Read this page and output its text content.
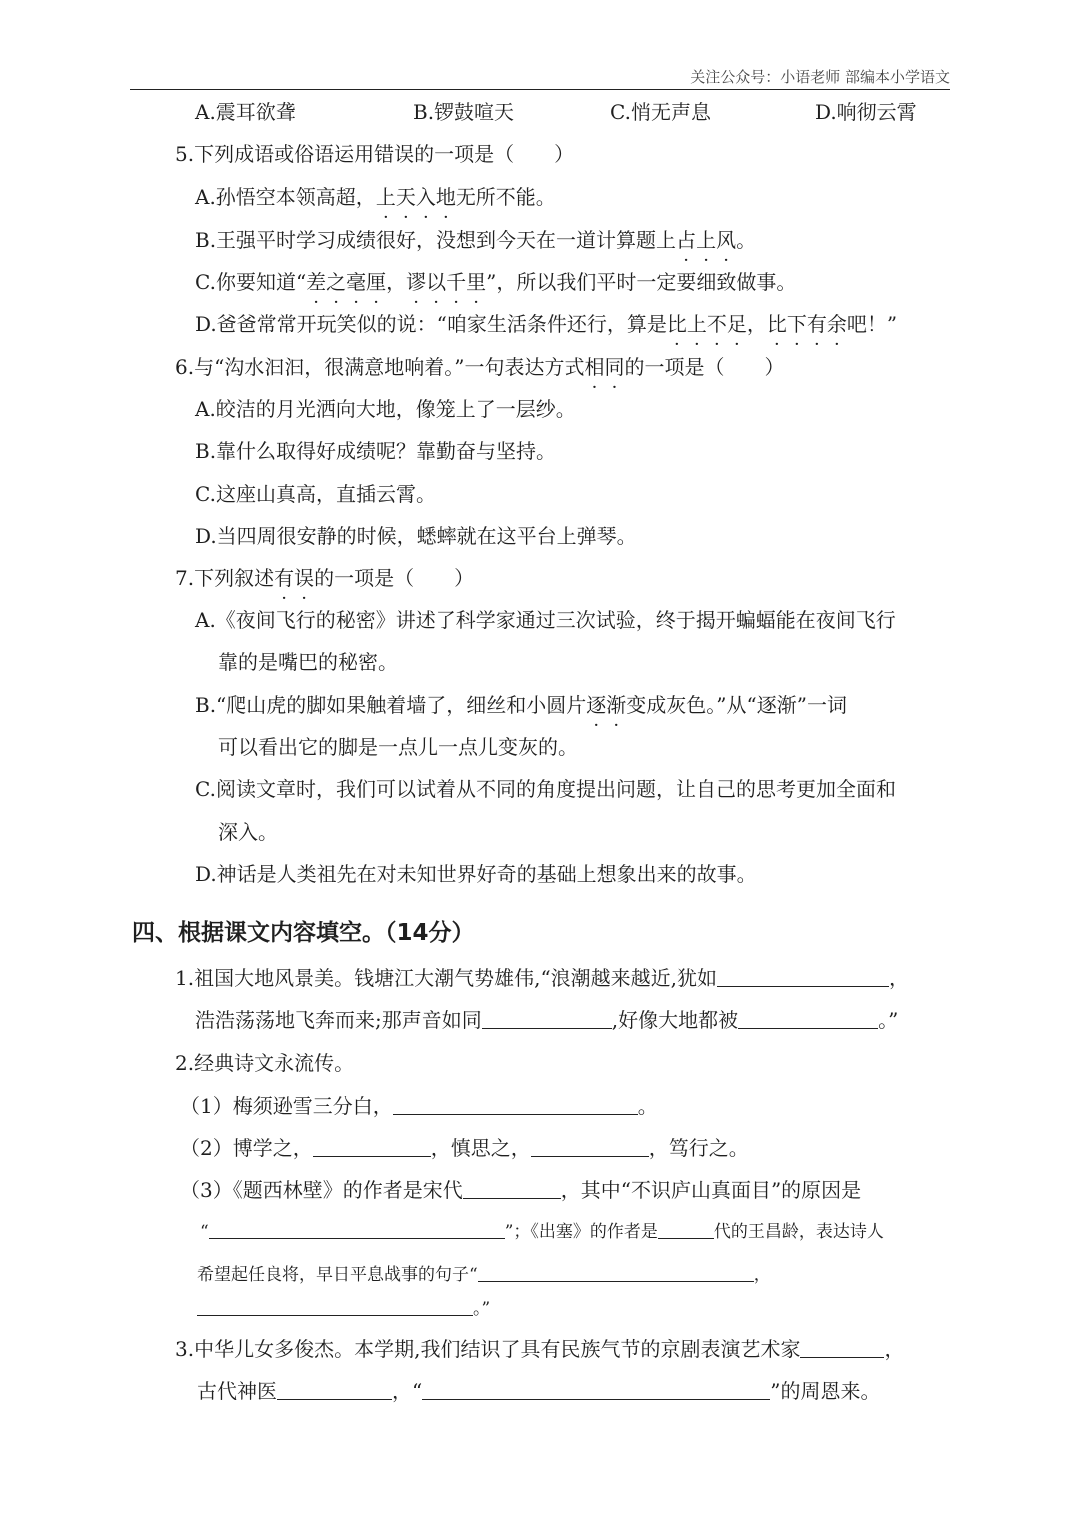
关注公众号：小语老师 部编本小学语文
A.震耳欲聋	B.锣鼓喧天	C.悄无声息	D.响彻云霄
5.下列成语或俗语运用错误的一项是（　　）
A.孙悟空本领高超，上天入地无所不能。
B.王强平时学习成绩很好，没想到今天在一道计算题上占上风。
C.你要知道“差之毫厘，谬以千里”，所以我们平时一定要细致做事。
D.爸爸常常开玩笑似的说：“咱家生活条件还行，算是比上不足，比下有余吧！”
6.与“沟水汩汩，很满意地响着。”一句表达方式相同的一项是（　　）
A.皎洁的月光洒向大地，像笼上了一层纱。
B.靠什么取得好成绩呢？靠勤奋与坚持。
C.这座山真高，直插云霄。
D.当四周很安静的时候，蟋蟀就在这平台上弹琴。
7.下列叙述有误的一项是（　　）
A.《夜间飞行的秘密》讲述了科学家通过三次试验，终于揭开蝙蝠能在夜间飞行
靠的是嘴巴的秘密。
B.“爬山虎的脚如果触着墙了，细丝和小圆片逐渐变成灰色。”从“逐渐”一词
可以看出它的脚是一点儿一点儿变灰的。
C.阅读文章时，我们可以试着从不同的角度提出问题，让自己的思考更加全面和
深入。
D.神话是人类祖先在对未知世界好奇的基础上想象出来的故事。
四、根据课文内容填空。（14分）
1.祖国大地风景美。钱塘江大潮气势雄伟,“浪潮越来越近,犹如	，
浩浩荡荡地飞奔而来;那声音如同	,好像大地都被	。”
2.经典诗文永流传。
（1）梅须逊雪三分白，	。
（2）博学之，	，慎思之，	，笃行之。
（3）《题西林壁》的作者是宋代	，其中“不识庐山真面目”的原因是
“	”；《出塞》的作者是	代的王昌龄，表达诗人
希望起任良将，早日平息战事的句子“	，
。”
3.中华儿女多俊杰。本学期,我们结识了具有民族气节的京剧表演艺术家	，
古代神医	，“	”的周恩来。
